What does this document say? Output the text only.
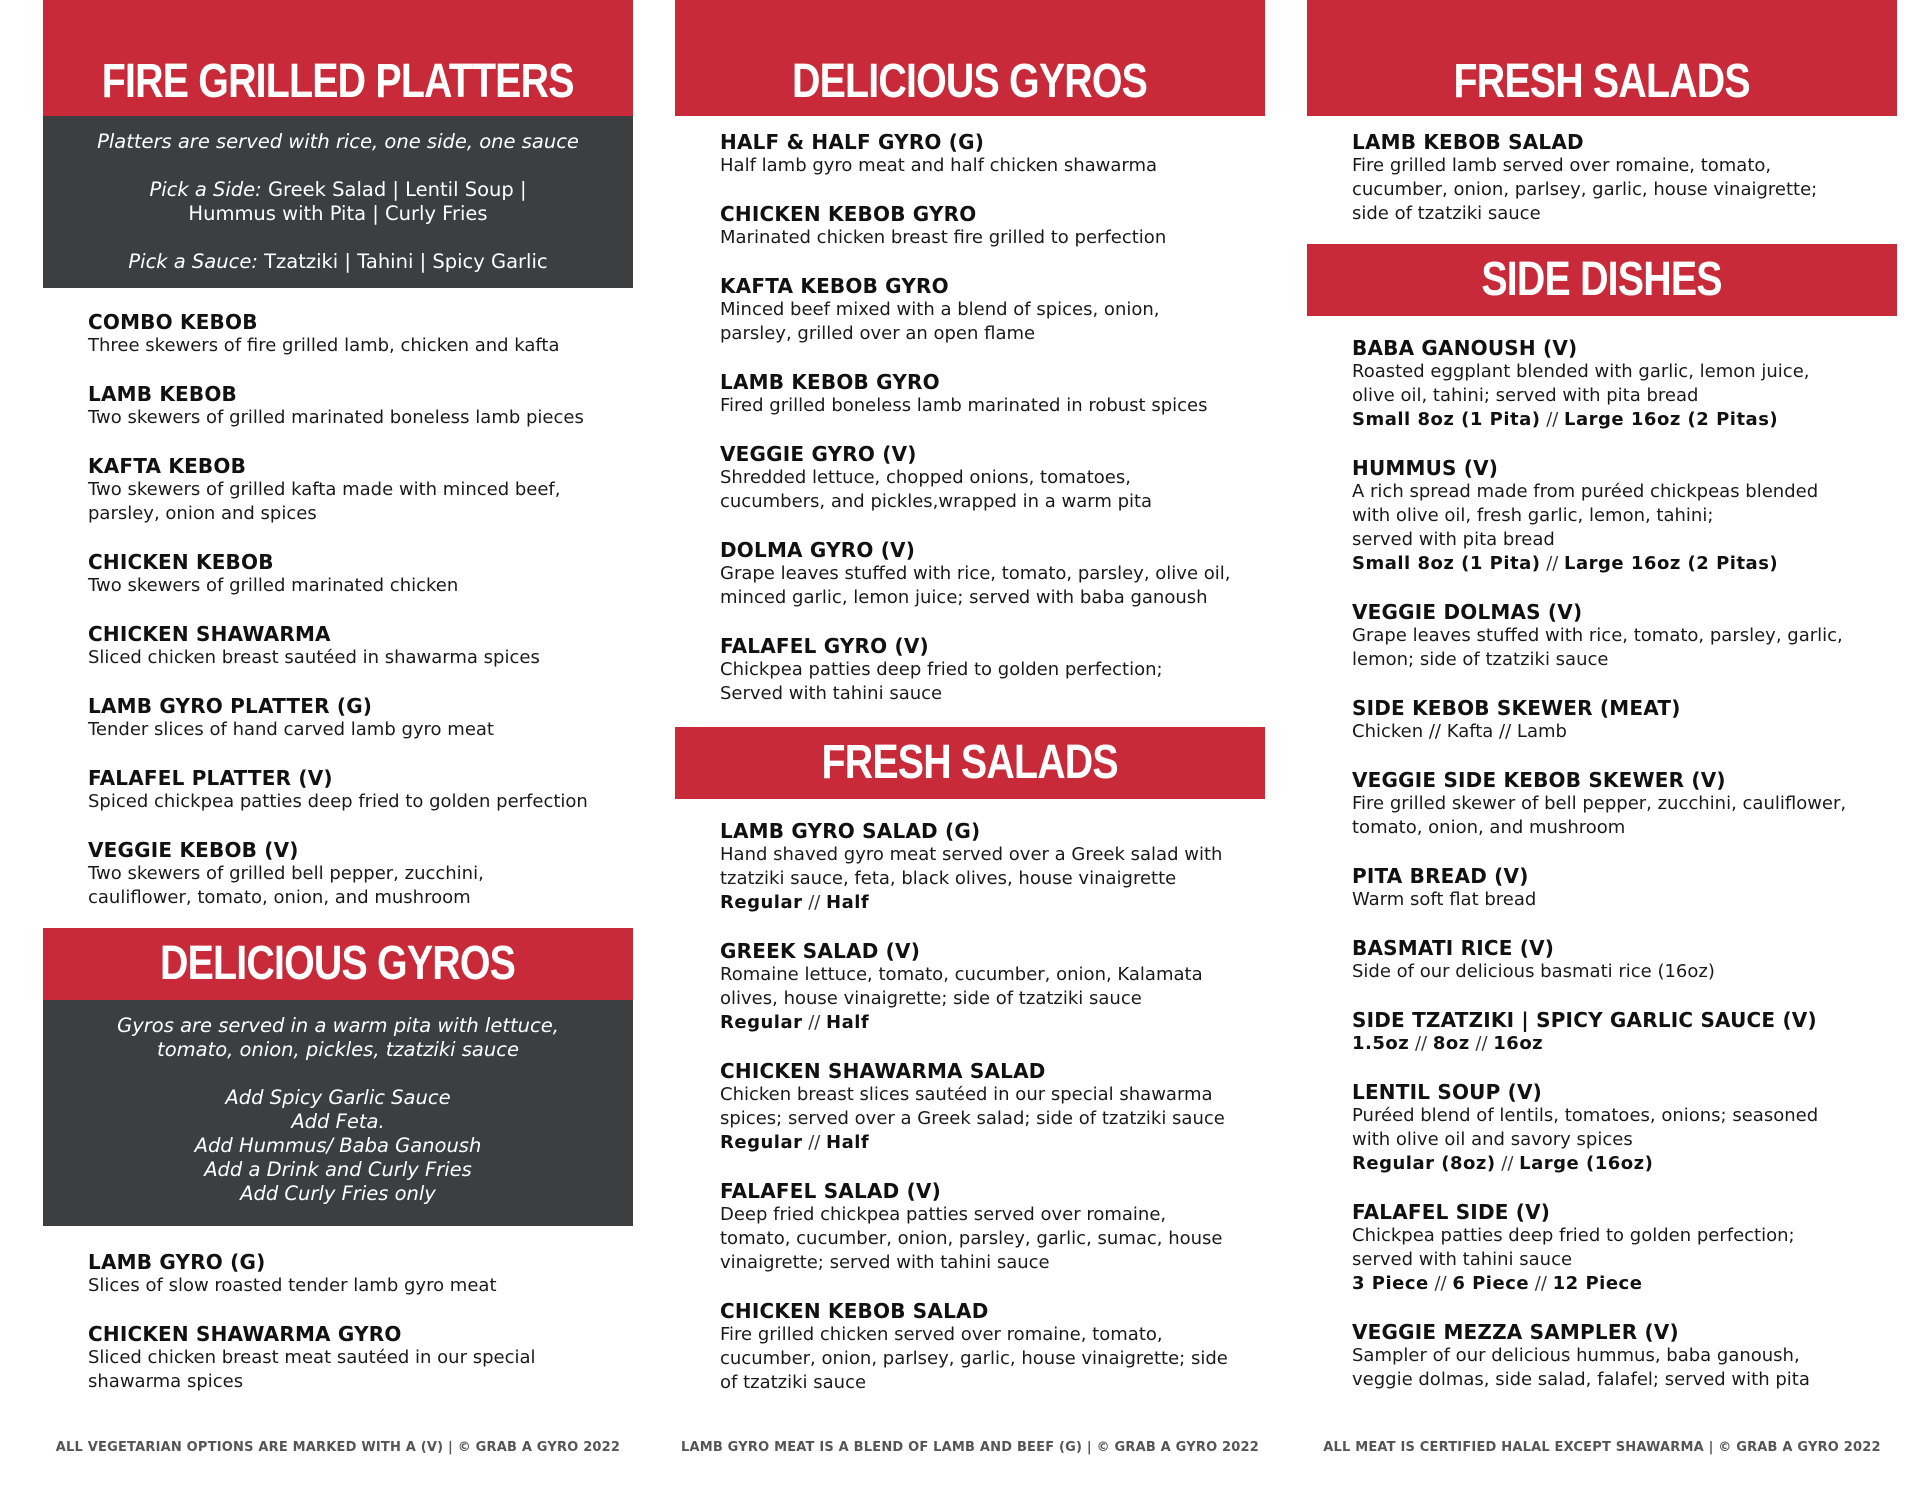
FIRE GRILLED PLATTERS

Platters are served with rice, one side, one sauce

Pick a Side: Greek Salad | Lentil Soup |

Hummus with Pita | Curly Fries

Pick a Sauce: Tzatziki | Tahini | Spicy Garlic

COMBO KEBOB
Three skewers of fire grilled lamb, chicken and kafta
LAMB KEBOB
Two skewers of grilled marinated boneless lamb pieces
KAFTA KEBOB
Two skewers of grilled kafta made with minced beef,
parsley, onion and spices
CHICKEN KEBOB
Two skewers of grilled marinated chicken
CHICKEN SHAWARMA
Sliced chicken breast sautéed in shawarma spices
LAMB GYRO PLATTER (G)
Tender slices of hand carved lamb gyro meat
FALAFEL PLATTER (V)
Spiced chickpea patties deep fried to golden perfection
VEGGIE KEBOB (V)
Two skewers of grilled bell pepper, zucchini,
cauliflower, tomato, onion, and mushroom
DELICIOUS GYROS

Gyros are served in a warm pita with lettuce,

tomato, onion, pickles, tzatziki sauce

Add Spicy Garlic Sauce

Add Feta.

Add Hummus/ Baba Ganoush

Add a Drink and Curly Fries

Add Curly Fries only

LAMB GYRO (G)
Slices of slow roasted tender lamb gyro meat
CHICKEN SHAWARMA GYRO
Sliced chicken breast meat sautéed in our special
shawarma spices
DELICIOUS GYROS
HALF & HALF GYRO (G)
Half lamb gyro meat and half chicken shawarma
CHICKEN KEBOB GYRO
Marinated chicken breast fire grilled to perfection
KAFTA KEBOB GYRO
Minced beef mixed with a blend of spices, onion,
parsley, grilled over an open flame
LAMB KEBOB GYRO
Fired grilled boneless lamb marinated in robust spices
VEGGIE GYRO (V)
Shredded lettuce, chopped onions, tomatoes,
cucumbers, and pickles,wrapped in a warm pita
DOLMA GYRO (V)
Grape leaves stuffed with rice, tomato, parsley, olive oil,
minced garlic, lemon juice; served with baba ganoush
FALAFEL GYRO (V)
Chickpea patties deep fried to golden perfection;
Served with tahini sauce
FRESH SALADS
LAMB GYRO SALAD (G)
Hand shaved gyro meat served over a Greek salad with
tzatziki sauce, feta, black olives, house vinaigrette
Regular // Half
GREEK SALAD (V)
Romaine lettuce, tomato, cucumber, onion, Kalamata
olives, house vinaigrette; side of tzatziki sauce
Regular // Half
CHICKEN SHAWARMA SALAD
Chicken breast slices sautéed in our special shawarma
spices; served over a Greek salad; side of tzatziki sauce
Regular // Half
FALAFEL SALAD (V)
Deep fried chickpea patties served over romaine,
tomato, cucumber, onion, parsley, garlic, sumac, house
vinaigrette; served with tahini sauce
CHICKEN KEBOB SALAD
Fire grilled chicken served over romaine, tomato,
cucumber, onion, parlsey, garlic, house vinaigrette; side
of tzatziki sauce
FRESH SALADS
LAMB KEBOB SALAD
Fire grilled lamb served over romaine, tomato,
cucumber, onion, parlsey, garlic, house vinaigrette;
side of tzatziki sauce
SIDE DISHES
BABA GANOUSH (V)
Roasted eggplant blended with garlic, lemon juice,
olive oil, tahini; served with pita bread
Small 8oz (1 Pita) // Large 16oz (2 Pitas)
HUMMUS (V)
A rich spread made from puréed chickpeas blended
with olive oil, fresh garlic, lemon, tahini;
served with pita bread
Small 8oz (1 Pita) // Large 16oz (2 Pitas)
VEGGIE DOLMAS (V)
Grape leaves stuffed with rice, tomato, parsley, garlic,
lemon; side of tzatziki sauce
SIDE KEBOB SKEWER (MEAT)
Chicken // Kafta // Lamb
VEGGIE SIDE KEBOB SKEWER (V)
Fire grilled skewer of bell pepper, zucchini, cauliflower,
tomato, onion, and mushroom
PITA BREAD (V)
Warm soft flat bread
BASMATI RICE (V)
Side of our delicious basmati rice (16oz)
SIDE TZATZIKI | SPICY GARLIC SAUCE (V)
1.5oz // 8oz // 16oz
LENTIL SOUP (V)
Puréed blend of lentils, tomatoes, onions; seasoned
with olive oil and savory spices
Regular (8oz) // Large (16oz)
FALAFEL SIDE (V)
Chickpea patties deep fried to golden perfection;
served with tahini sauce
3 Piece // 6 Piece // 12 Piece
VEGGIE MEZZA SAMPLER (V)
Sampler of our delicious hummus, baba ganoush,
veggie dolmas, side salad, falafel; served with pita
ALL VEGETARIAN OPTIONS ARE MARKED WITH A (V) | © GRAB A GYRO 2022	LAMB GYRO MEAT IS A BLEND OF LAMB AND BEEF (G) | © GRAB A GYRO 2022	ALL MEAT IS CERTIFIED HALAL EXCEPT SHAWARMA | © GRAB A GYRO 2022
